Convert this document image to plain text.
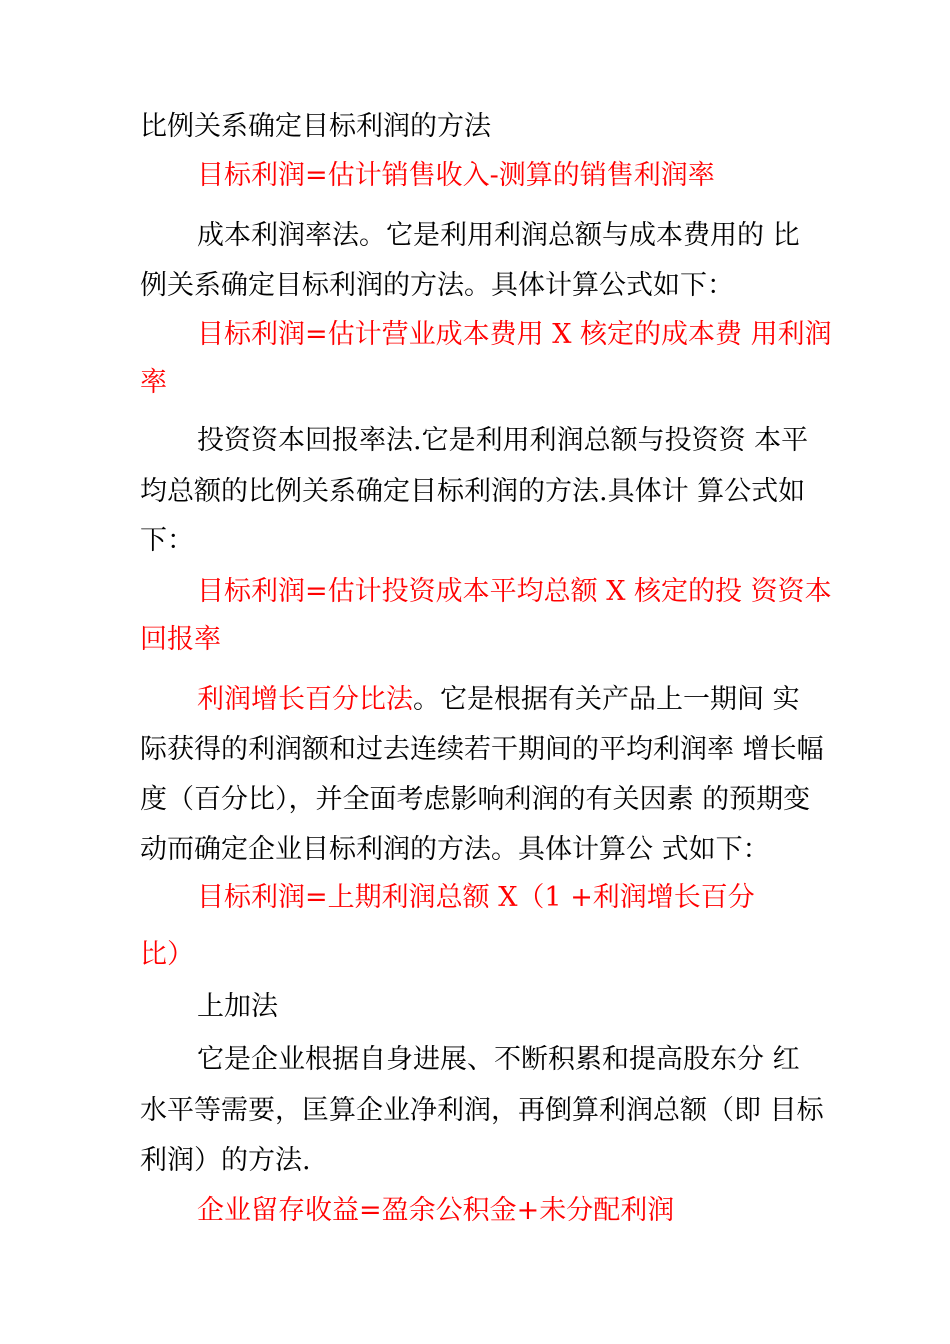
比例关系确定目标利润的方法
目标利润=估计销售收入-测算的销售利润率
成本利润率法。它是利用利润总额与成本费用的 比
例关系确定目标利润的方法。具体计算公式如下：
目标利润=估计营业成本费用 X 核定的成本费 用利润
率
投资资本回报率法.它是利用利润总额与投资资 本平
均总额的比例关系确定目标利润的方法.具体计 算公式如
下：
目标利润=估计投资成本平均总额 X 核定的投 资资本
回报率
利润增长百分比法。它是根据有关产品上一期间 实
际获得的利润额和过去连续若干期间的平均利润率 增长幅
度（百分比），并全面考虑影响利润的有关因素 的预期变
动而确定企业目标利润的方法。具体计算公 式如下：
目标利润=上期利润总额 X（1 +利润增长百分
比）
上加法
它是企业根据自身进展、不断积累和提高股东分 红
水平等需要，匡算企业净利润，再倒算利润总额（即 目标
利润）的方法.
企业留存收益=盈余公积金+未分配利润
